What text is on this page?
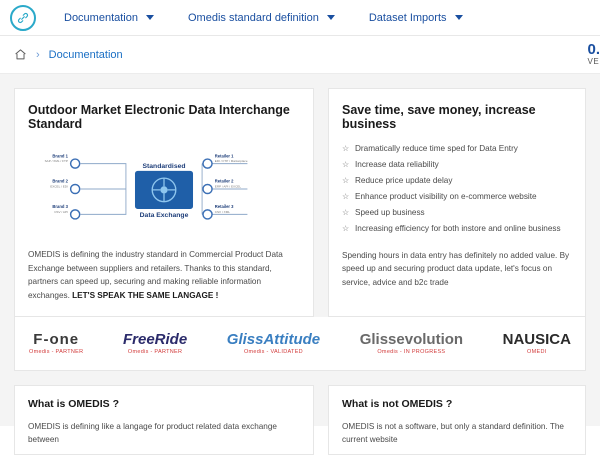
Documentation	Omedis standard definition	Dataset Imports
› Documentation	0.
VE
Outdoor Market Electronic Data Interchange Standard
Standardised
Data Exchange
Brand 1
SAP / XML / FTP
Brand 2
EXCEL / EDI
Brand 3
CSV / API
Retailer 1
EDI / FTP / Marketplace
Retailer 2
ERP / API / EXCEL
Retailer 3
CSV / XML

OMEDIS is defining the industry standard in Commercial Product Data Exchange between suppliers and retailers. Thanks to this standard, partners can speed up, securing and making reliable information exchanges. LET'S SPEAK THE SAME LANGAGE !

Save time, save money, increase business
☆ Dramatically reduce time sped for Data Entry
☆ Increase data reliability
☆ Reduce price update delay
☆ Enhance product visibility on e-commerce website
☆ Speed up business
☆ Increasing efficiency for both instore and online business

Spending hours in data entry has definitely no added value. By speed up and securing product data update, let's focus on service, advice and b2c trade

F-one
Omedis - PARTNER
FreeRide
Omedis - PARTNER
GlissAttitude
Omedis - VALIDATED
Glissevolution
Omedis - IN PROGRESS
NAUSICA
OMEDI
What is OMEDIS ?

OMEDIS is defining like a langage for product related data exchange between

What is not OMEDIS ?

OMEDIS is not a software, but only a standard definition. The current website
